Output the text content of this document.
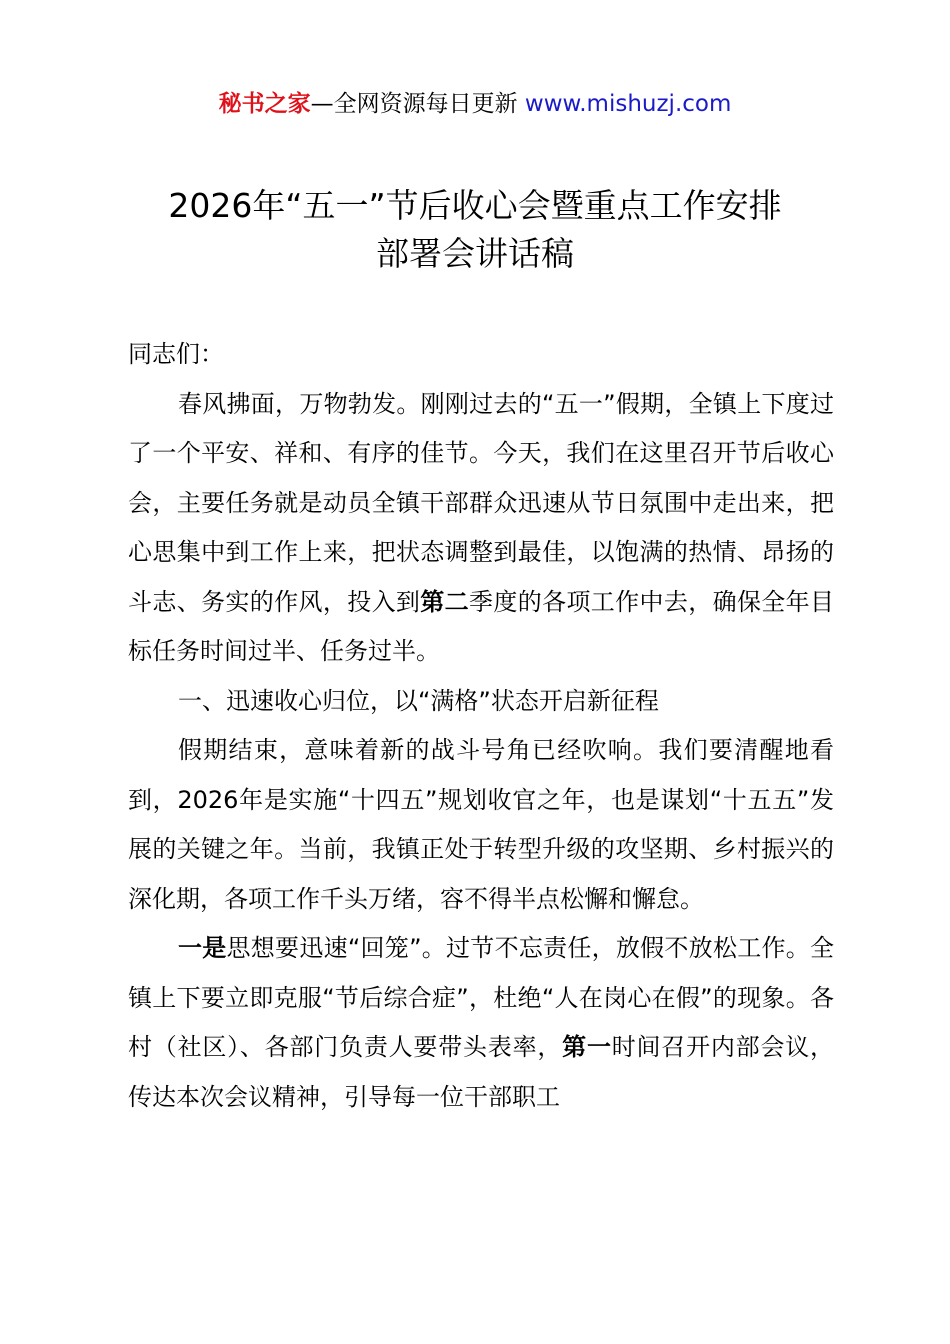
秘书之家—全网资源每日更新 www.mishuzj.com
2026年“五一”节后收心会暨重点工作安排
部署会讲话稿

同志们：

春风拂面，万物勃发。刚刚过去的“五一”假期，全镇上下度过了一个平安、祥和、有序的佳节。今天，我们在这里召开节后收心会，主要任务就是动员全镇干部群众迅速从节日氛围中走出来，把心思集中到工作上来，把状态调整到最佳，以饱满的热情、昂扬的斗志、务实的作风，投入到第二季度的各项工作中去，确保全年目标任务时间过半、任务过半。

一、迅速收心归位，以“满格”状态开启新征程

假期结束，意味着新的战斗号角已经吹响。我们要清醒地看到，2026年是实施“十四五”规划收官之年，也是谋划“十五五”发展的关键之年。当前，我镇正处于转型升级的攻坚期、乡村振兴的深化期，各项工作千头万绪，容不得半点松懈和懈怠。

一是思想要迅速“回笼”。过节不忘责任，放假不放松工作。全镇上下要立即克服“节后综合症”，杜绝“人在岗心在假”的现象。各村（社区）、各部门负责人要带头表率，第一时间召开内部会议，传达本次会议精神，引导每一位干部职工
